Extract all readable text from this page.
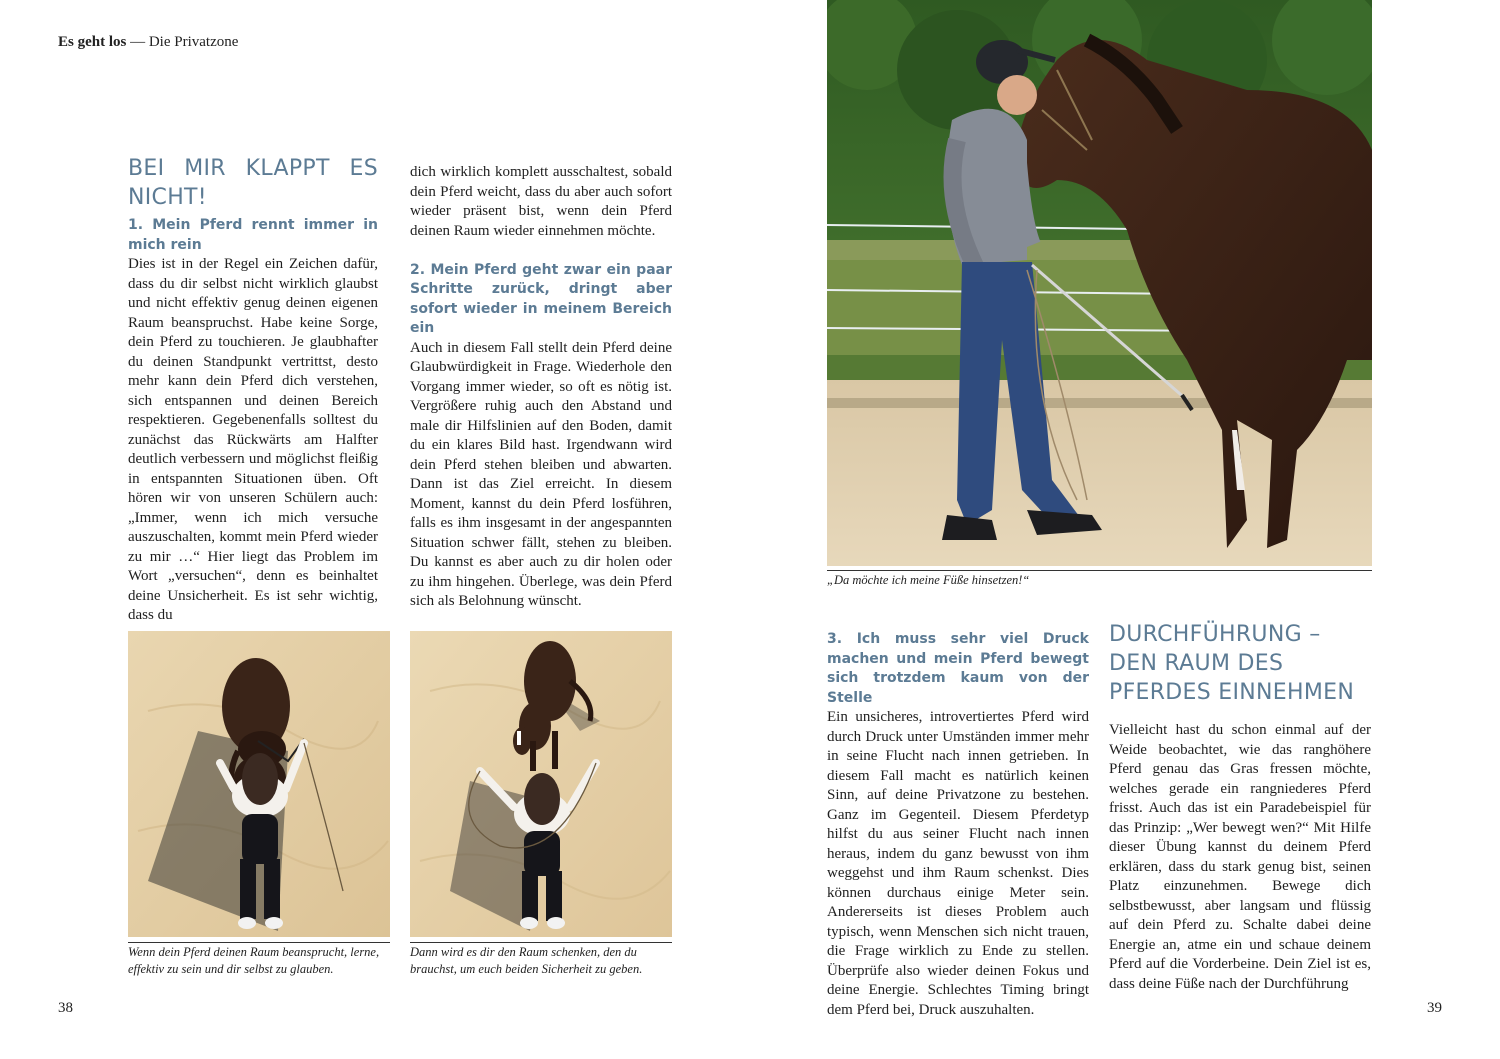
Es geht los — Die Privatzone
BEI MIR KLAPPT ES NICHT!
1. Mein Pferd rennt immer in mich rein

Dies ist in der Regel ein Zeichen dafür, dass du dir selbst nicht wirklich glaubst und nicht effektiv genug deinen eigenen Raum beanspruchst. Habe keine Sorge, dein Pferd zu touchieren. Je glaubhafter du deinen Standpunkt vertrittst, desto mehr kann dein Pferd dich verstehen, sich entspannen und deinen Bereich respektieren. Gegebenenfalls solltest du zunächst das Rückwärts am Halfter deutlich verbessern und möglichst fleißig in entspannten Situationen üben. Oft hören wir von unseren Schülern auch: „Immer, wenn ich mich versuche auszuschalten, kommt mein Pferd wieder zu mir …“ Hier liegt das Problem im Wort „versuchen“, denn es beinhaltet deine Unsicherheit. Es ist sehr wichtig, dass du

dich wirklich komplett ausschaltest, sobald dein Pferd weicht, dass du aber auch sofort wieder präsent bist, wenn dein Pferd deinen Raum wieder einnehmen möchte.

2. Mein Pferd geht zwar ein paar Schritte zurück, dringt aber sofort wieder in meinem Bereich ein

Auch in diesem Fall stellt dein Pferd deine Glaubwürdigkeit in Frage. Wiederhole den Vorgang immer wieder, so oft es nötig ist. Vergrößere ruhig auch den Abstand und male dir Hilfslinien auf den Boden, damit du ein klares Bild hast. Irgendwann wird dein Pferd stehen bleiben und abwarten. Dann ist das Ziel erreicht. In diesem Moment, kannst du dein Pferd losführen, falls es ihm insgesamt in der angespannten Situation schwer fällt, stehen zu bleiben. Du kannst es aber auch zu dir holen oder zu ihm hingehen. Überlege, was dein Pferd sich als Belohnung wünscht.

Wenn dein Pferd deinen Raum beansprucht, lerne, effektiv zu sein und dir selbst zu glauben.
Dann wird es dir den Raum schenken, den du brauchst, um euch beiden Sicherheit zu geben.
38
„Da möchte ich meine Füße hinsetzen!“
3. Ich muss sehr viel Druck machen und mein Pferd bewegt sich trotzdem kaum von der Stelle

Ein unsicheres, introvertiertes Pferd wird durch Druck unter Umständen immer mehr in seine Flucht nach innen getrieben. In diesem Fall macht es natürlich keinen Sinn, auf deine Privatzone zu bestehen. Ganz im Gegenteil. Diesem Pferdetyp hilfst du aus seiner Flucht nach innen heraus, indem du ganz bewusst von ihm weggehst und ihm Raum schenkst. Dies können durchaus einige Meter sein. Andererseits ist dieses Problem auch typisch, wenn Menschen sich nicht trauen, die Frage wirklich zu Ende zu stellen. Überprüfe also wieder deinen Fokus und deine Energie. Schlechtes Timing bringt dem Pferd bei, Druck auszuhalten.

DURCHFÜHRUNG – DEN RAUM DES PFERDES EINNEHMEN

Vielleicht hast du schon einmal auf der Weide beobachtet, wie das ranghöhere Pferd genau das Gras fressen möchte, welches gerade ein rangniederes Pferd frisst. Auch das ist ein Paradebeispiel für das Prinzip: „Wer bewegt wen?“ Mit Hilfe dieser Übung kannst du deinem Pferd erklären, dass du stark genug bist, seinen Platz einzunehmen. Bewege dich selbstbewusst, aber langsam und flüssig auf dein Pferd zu. Schalte dabei deine Energie an, atme ein und schaue deinem Pferd auf die Vorderbeine. Dein Ziel ist es, dass deine Füße nach der Durchführung

39
